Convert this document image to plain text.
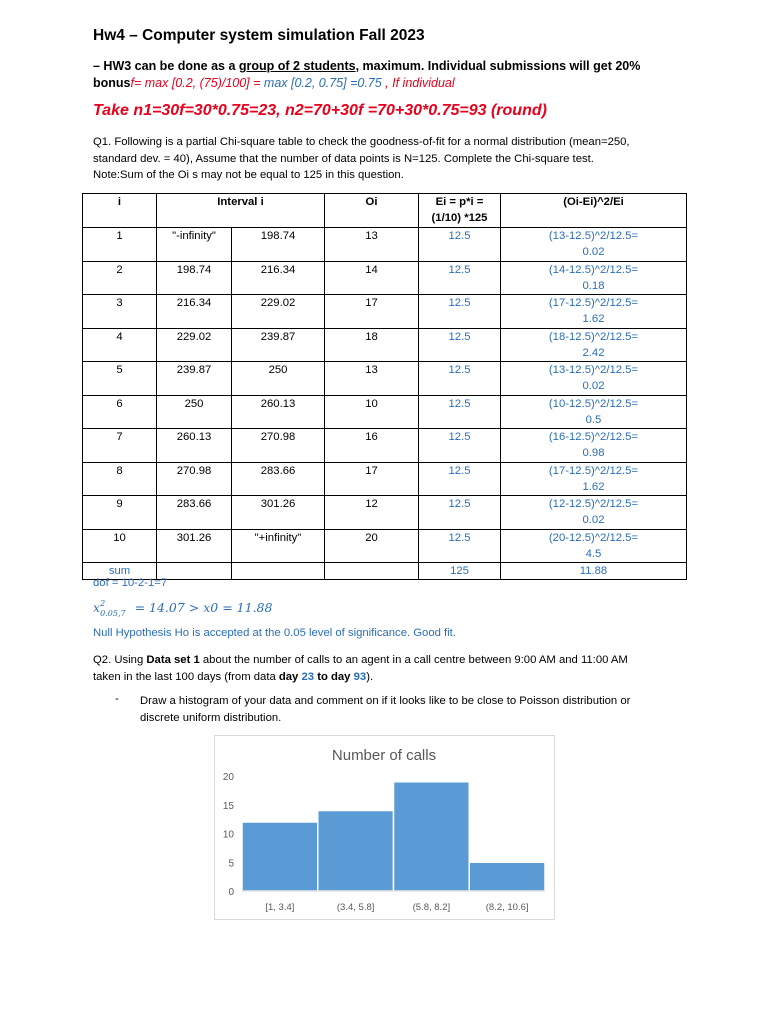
Hw4 – Computer system simulation Fall 2023
– HW3 can be done as a group of 2 students, maximum. Individual submissions will get 20%
bonusf= max [0.2, (75)/100] = max [0.2, 0.75] =0.75 , If individual
Take n1=30f=30*0.75=23, n2=70+30f =70+30*0.75=93 (round)
Q1. Following is a partial Chi-square table to check the goodness-of-fit for a normal distribution (mean=250,
standard dev. = 40), Assume that the number of data points is N=125. Complete the Chi-square test.
Note:Sum of the Oi s may not be equal to 125 in this question.
i	Interval i		Oi	Ei = p*i =
(1/10) *125	(Oi-Ei)^2/Ei
1	"-infinity"	198.74	13	12.5	(13-12.5)^2/12.5=
0.02
2	198.74	216.34	14	12.5	(14-12.5)^2/12.5=
0.18
3	216.34	229.02	17	12.5	(17-12.5)^2/12.5=
1.62
4	229.02	239.87	18	12.5	(18-12.5)^2/12.5=
2.42
5	239.87	250	13	12.5	(13-12.5)^2/12.5=
0.02
6	250	260.13	10	12.5	(10-12.5)^2/12.5=
0.5
7	260.13	270.98	16	12.5	(16-12.5)^2/12.5=
0.98
8	270.98	283.66	17	12.5	(17-12.5)^2/12.5=
1.62
9	283.66	301.26	12	12.5	(12-12.5)^2/12.5=
0.02
10	301.26	"+infinity"	20	12.5	(20-12.5)^2/12.5=
4.5
sum				125	11.88
dof = 10-2-1=7
$x^2_{0.05,7} = 14.07 > x0 = 11.88$
Null Hypothesis Ho is accepted at the 0.05 level of significance. Good fit.
Q2. Using Data set 1 about the number of calls to an agent in a call centre between 9:00 AM and 11:00 AM
taken in the last 100 days (from data day 23 to day 93).
- Draw a histogram of your data and comment on if it looks like to be close to Poisson distribution or
discrete uniform distribution.
Number of calls
0
5
10
15
20
[1, 3.4]	(3.4, 5.8]	(5.8, 8.2]	(8.2, 10.6]
